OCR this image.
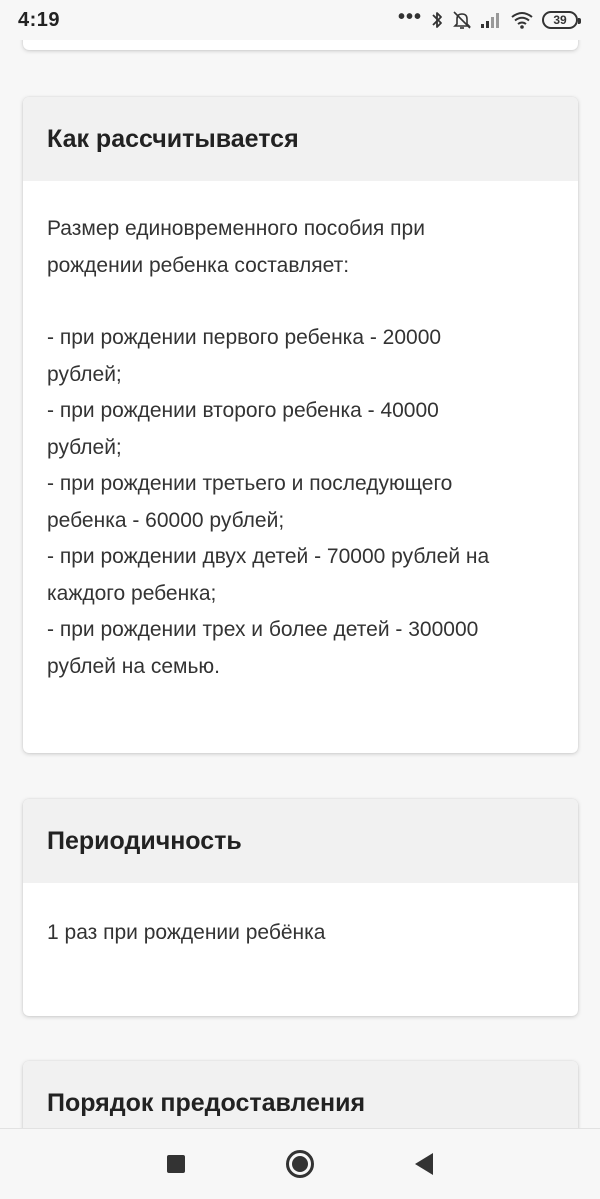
4:19	•••	39
Как рассчитывается

Размер единовременного пособия при

рождении ребенка составляет:

- при рождении первого ребенка - 20000

рублей;

- при рождении второго ребенка - 40000

рублей;

- при рождении третьего и последующего

ребенка - 60000 рублей;

- при рождении двух детей - 70000 рублей на

каждого ребенка;

- при рождении трех и более детей - 300000

рублей на семью.

Периодичность

1 раз при рождении ребёнка

Порядок предоставления
